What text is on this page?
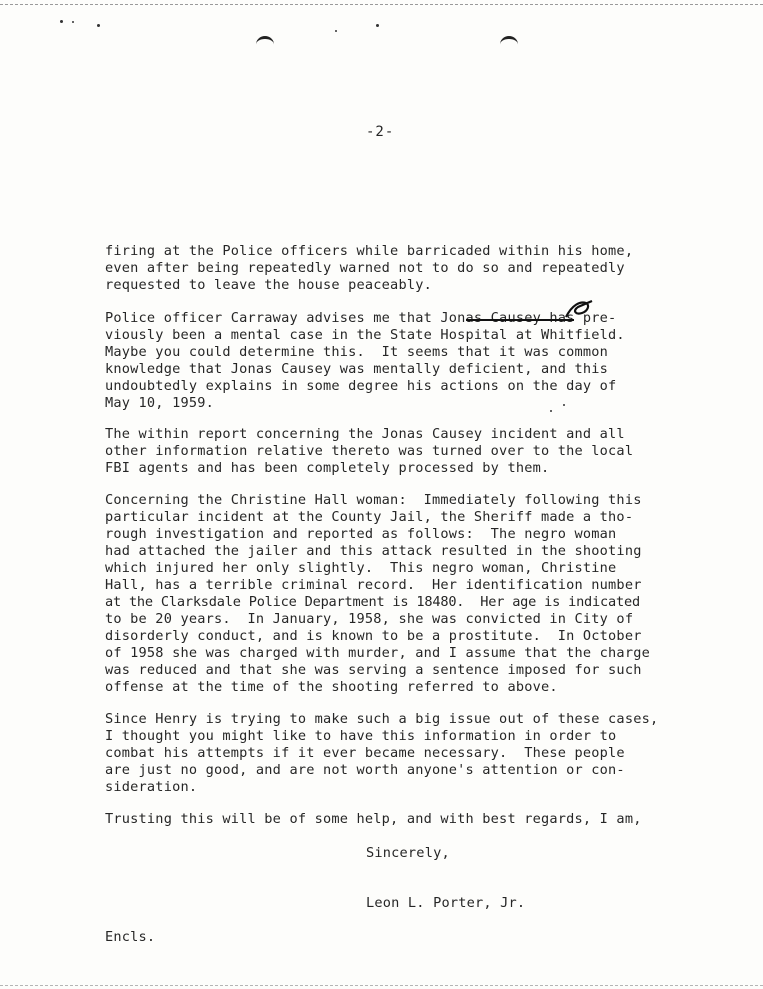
-2-
firing at the Police officers while barricaded within his home,
even after being repeatedly warned not to do so and repeatedly
requested to leave the house peaceably.
Police officer Carraway advises me that Jonas Causey has pre-
viously been a mental case in the State Hospital at Whitfield.
Maybe you could determine this.  It seems that it was common
knowledge that Jonas Causey was mentally deficient, and this
undoubtedly explains in some degree his actions on the day of
May 10, 1959.
The within report concerning the Jonas Causey incident and all
other information relative thereto was turned over to the local
FBI agents and has been completely processed by them.
Concerning the Christine Hall woman:  Immediately following this
particular incident at the County Jail, the Sheriff made a tho-
rough investigation and reported as follows:  The negro woman
had attached the jailer and this attack resulted in the shooting
which injured her only slightly.  This negro woman, Christine
Hall, has a terrible criminal record.  Her identification number
at the Clarksdale Police Department is 18480.  Her age is indicated
to be 20 years.  In January, 1958, she was convicted in City of
disorderly conduct, and is known to be a prostitute.  In October
of 1958 she was charged with murder, and I assume that the charge
was reduced and that she was serving a sentence imposed for such
offense at the time of the shooting referred to above.
Since Henry is trying to make such a big issue out of these cases,
I thought you might like to have this information in order to
combat his attempts if it ever became necessary.  These people
are just no good, and are not worth anyone's attention or con-
sideration.
Trusting this will be of some help, and with best regards, I am,
Sincerely,
Leon L. Porter, Jr.
Encls.
